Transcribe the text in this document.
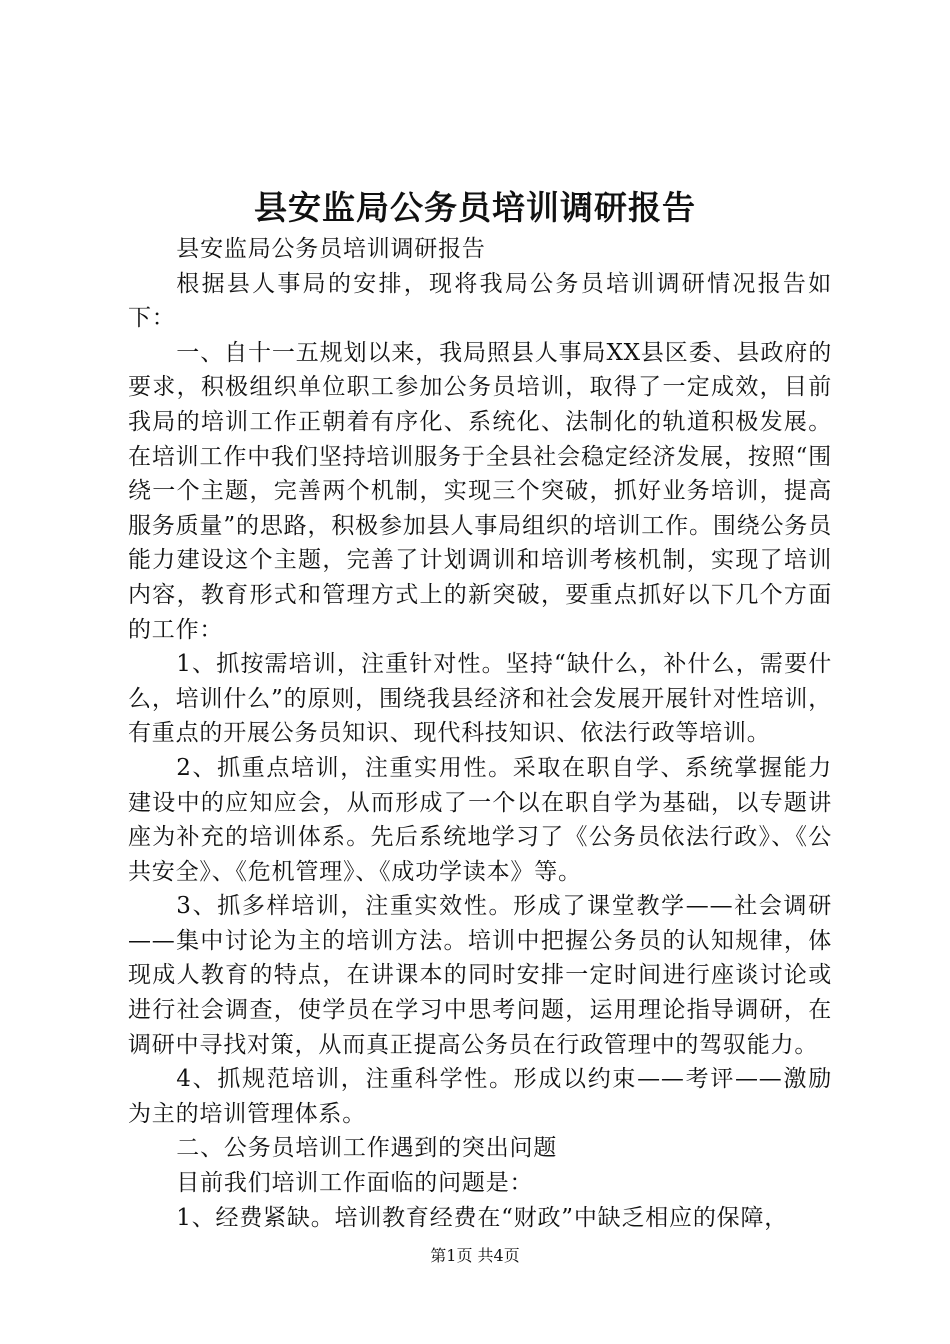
县安监局公务员培训调研报告

县安监局公务员培训调研报告

根据县人事局的安排，现将我局公务员培训调研情况报告如下：

一、自十一五规划以来，我局照县人事局XX县区委、县政府的要求，积极组织单位职工参加公务员培训，取得了一定成效，目前我局的培训工作正朝着有序化、系统化、法制化的轨道积极发展。在培训工作中我们坚持培训服务于全县社会稳定经济发展，按照“围绕一个主题，完善两个机制，实现三个突破，抓好业务培训，提高服务质量”的思路，积极参加县人事局组织的培训工作。围绕公务员能力建设这个主题，完善了计划调训和培训考核机制，实现了培训内容，教育形式和管理方式上的新突破，要重点抓好以下几个方面的工作：

1、抓按需培训，注重针对性。坚持“缺什么，补什么，需要什么，培训什么”的原则，围绕我县经济和社会发展开展针对性培训，有重点的开展公务员知识、现代科技知识、依法行政等培训。

2、抓重点培训，注重实用性。采取在职自学、系统掌握能力建设中的应知应会，从而形成了一个以在职自学为基础，以专题讲座为补充的培训体系。先后系统地学习了《公务员依法行政》、《公共安全》、《危机管理》、《成功学读本》等。

3、抓多样培训，注重实效性。形成了课堂教学——社会调研——集中讨论为主的培训方法。培训中把握公务员的认知规律，体现成人教育的特点，在讲课本的同时安排一定时间进行座谈讨论或进行社会调查，使学员在学习中思考问题，运用理论指导调研，在调研中寻找对策，从而真正提高公务员在行政管理中的驾驭能力。

4、抓规范培训，注重科学性。形成以约束——考评——激励为主的培训管理体系。

二、公务员培训工作遇到的突出问题

目前我们培训工作面临的问题是：

1、经费紧缺。培训教育经费在“财政”中缺乏相应的保障，

第1页 共4页
